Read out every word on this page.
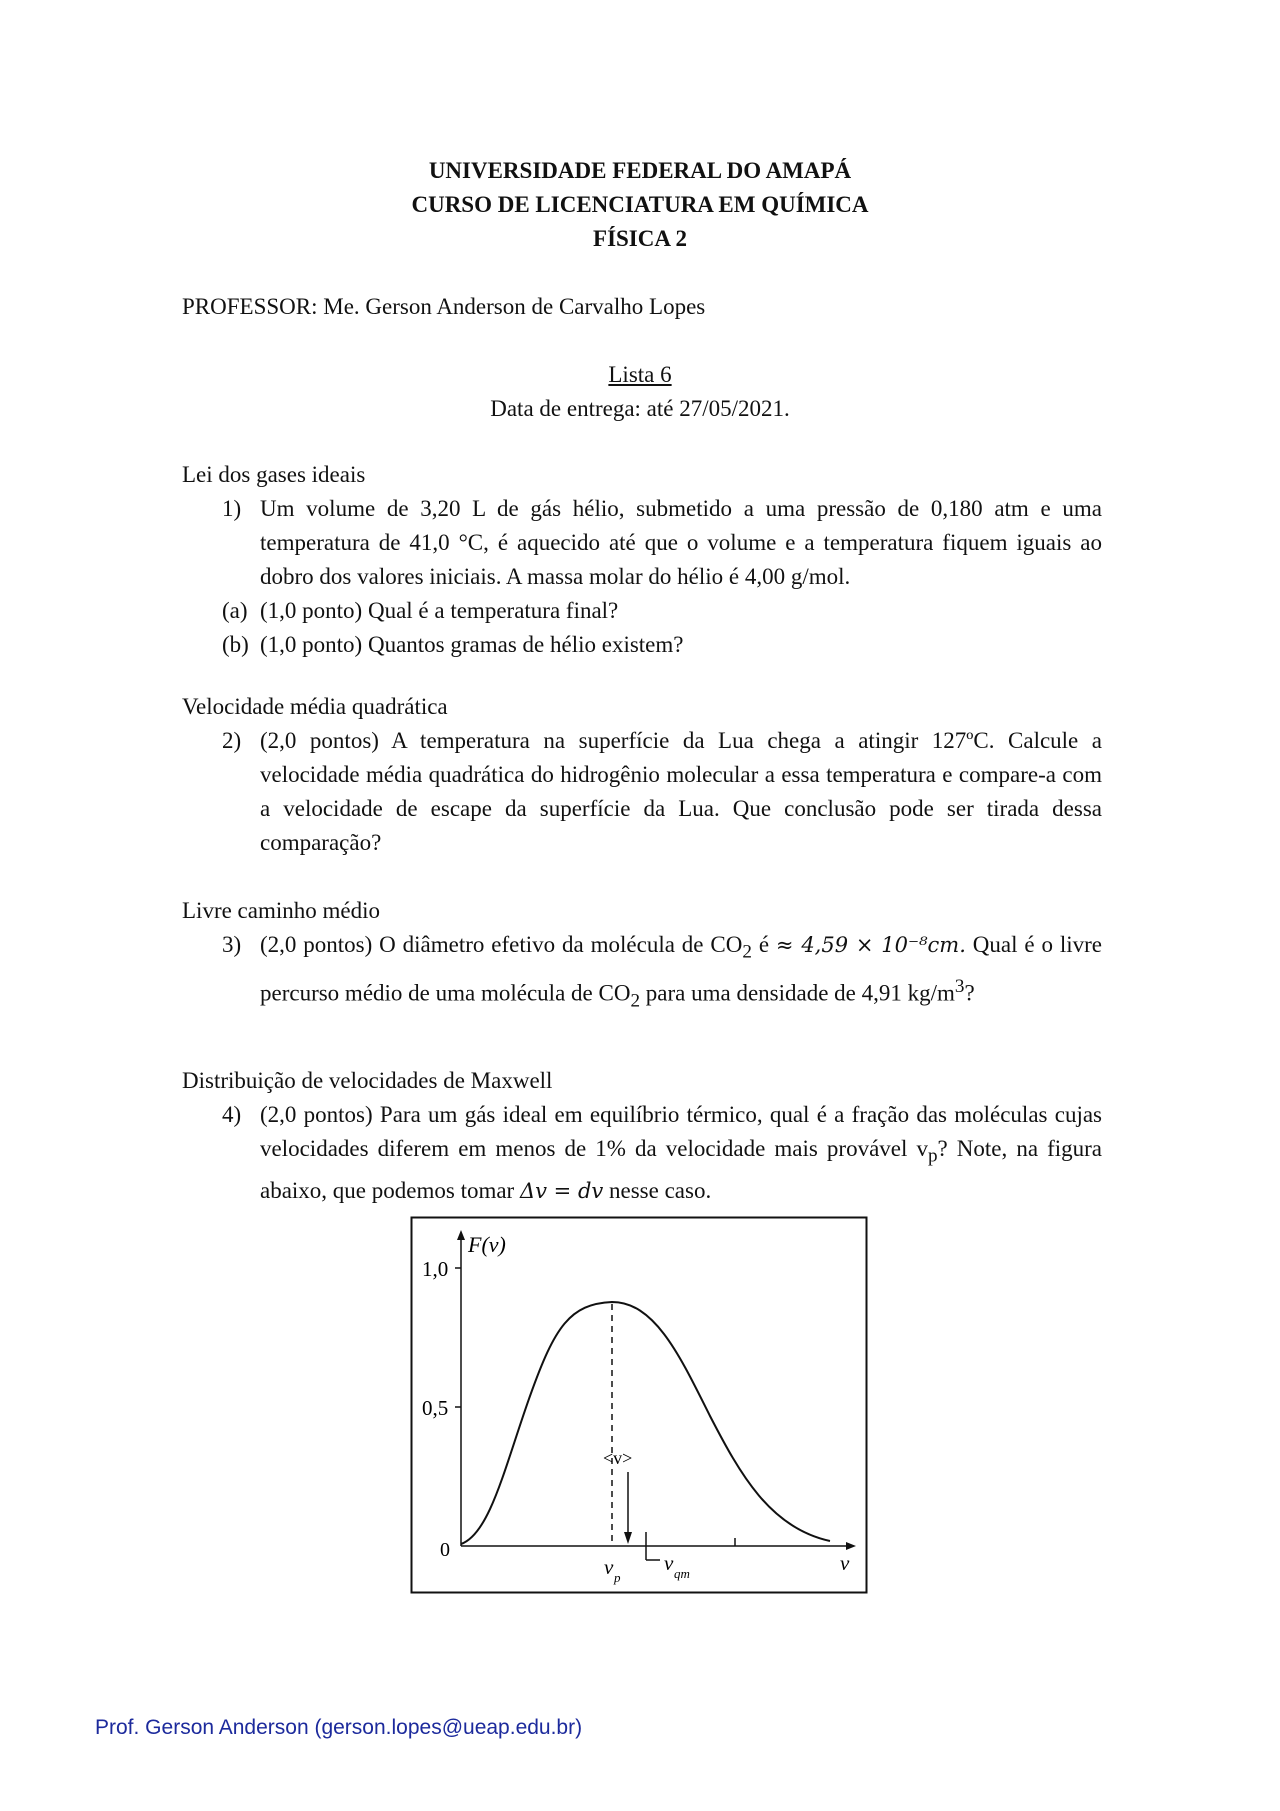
UNIVERSIDADE FEDERAL DO AMAPÁ
CURSO DE LICENCIATURA EM QUÍMICA
FÍSICA 2
PROFESSOR: Me. Gerson Anderson de Carvalho Lopes
Lista 6
Data de entrega: até 27/05/2021.
Lei dos gases ideais
1) Um volume de 3,20 L de gás hélio, submetido a uma pressão de 0,180 atm e uma temperatura de 41,0 °C, é aquecido até que o volume e a temperatura fiquem iguais ao dobro dos valores iniciais. A massa molar do hélio é 4,00 g/mol.
(a) (1,0 ponto) Qual é a temperatura final?
(b) (1,0 ponto) Quantos gramas de hélio existem?
Velocidade média quadrática
2) (2,0 pontos) A temperatura na superfície da Lua chega a atingir 127ºC. Calcule a velocidade média quadrática do hidrogênio molecular a essa temperatura e compare-a com a velocidade de escape da superfície da Lua. Que conclusão pode ser tirada dessa comparação?
Livre caminho médio
3) (2,0 pontos) O diâmetro efetivo da molécula de $CO_2$ é ≈ 4,59 × 10⁻⁸cm. Qual é o livre percurso médio de uma molécula de $CO_2$ para uma densidade de 4,91 $kg/m^3$?
Distribuição de velocidades de Maxwell
4) (2,0 pontos) Para um gás ideal em equilíbrio térmico, qual é a fração das moléculas cujas velocidades diferem em menos de 1% da velocidade mais provável $v_p$? Note, na figura abaixo, que podemos tomar Δv = dv nesse caso.
1,0
0,5
0
F(v)
<v>
v p
v qm	v
Prof. Gerson Anderson (gerson.lopes@ueap.edu.br)
